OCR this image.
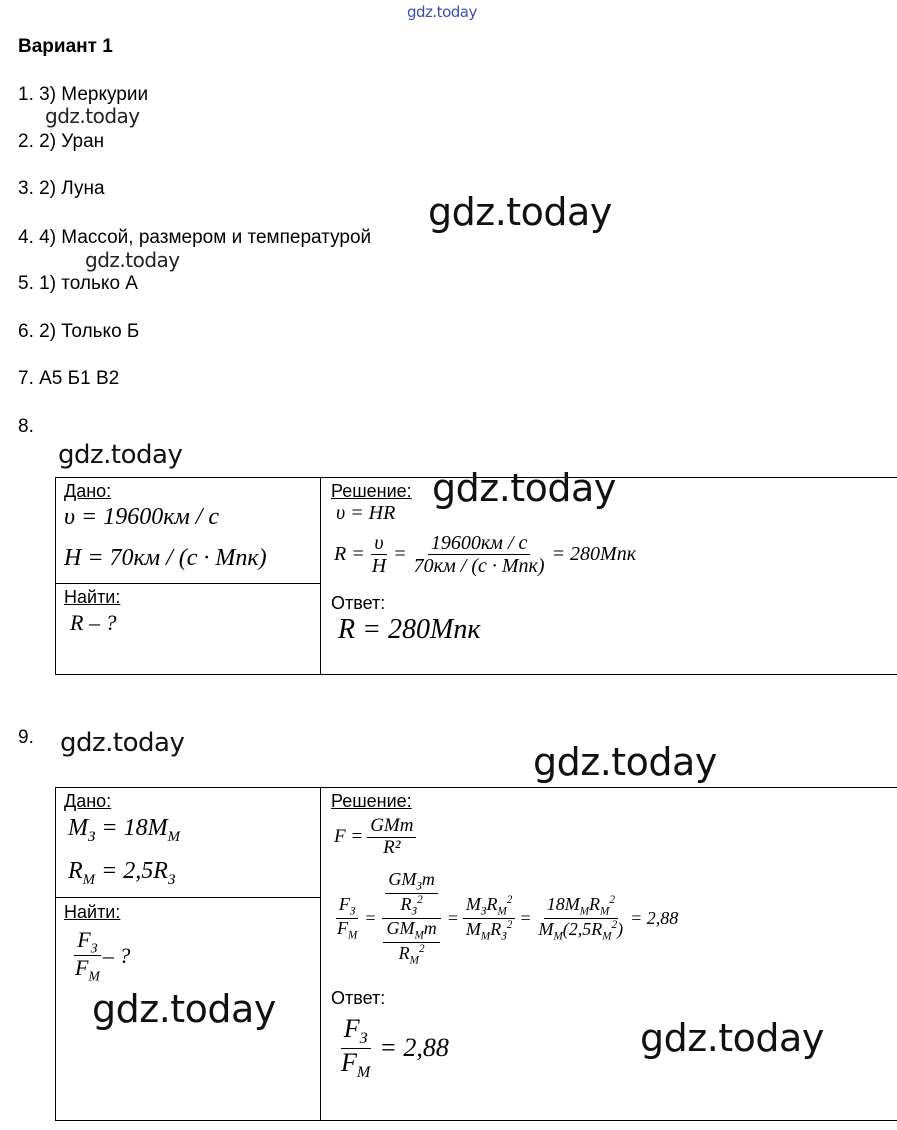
gdz.today
Вариант 1
1. 3) Меркурии
gdz.today
2. 2) Уран
3. 2) Луна
gdz.today
4. 4) Массой, размером и температурой
gdz.today
5. 1) только А
6. 2) Только Б
7. А5 Б1 В2
8.
gdz.today
Дано:
υ = 19600км / с
H = 70км / (с · Мпк)
Найти:
R – ?
Решение: gdz.today
υ = HR
$R = \frac{\upsilon}{H} = \frac{19600км / с}{\text{70км / (с · Мпк)}} = 280Мпк$
Ответ:
R = 280Мпк
9. gdz.today	gdz.today
Дано:
$M_З = 18M_М$
$R_М = 2,5R_З$
Найти:
$\frac{F_З}{F_М}$ – ?
gdz.today
Решение:
$F = \frac{\text{GMm}}{\text{R²}}$
$\frac{F_З}{F_М} = \frac{\frac{GM_Зm}{R_З^2}}{\frac{GM_Мm}{R_М^2}} = \frac{M_ЗR_М^2}{M_МR_З^2} = \frac{18M_МR_М^2}{M_М(2,5R_М^2)} = 2,88$
Ответ:
$\frac{F_З}{F_М} = 2,88$	gdz.today
